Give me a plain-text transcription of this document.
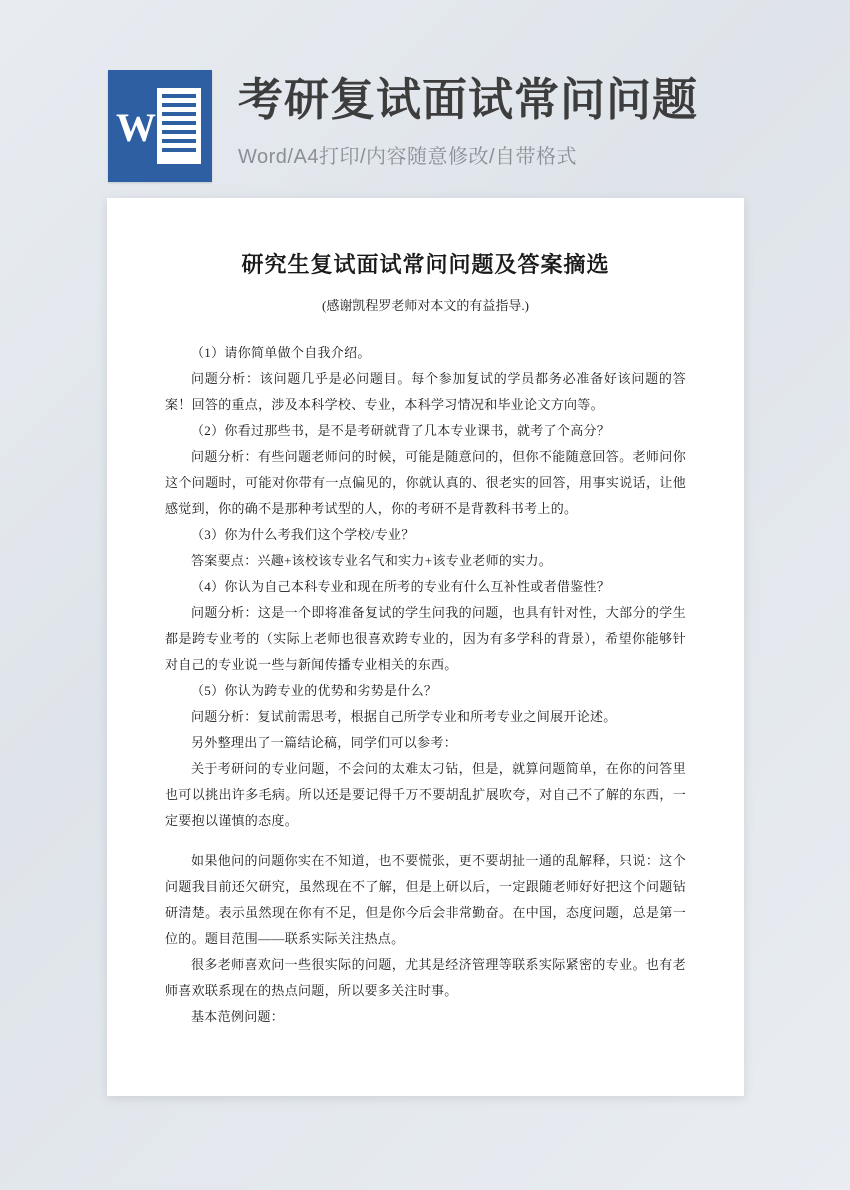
W
考研复试面试常问问题
Word/A4打印/内容随意修改/自带格式
研究生复试面试常问问题及答案摘选
(感谢凯程罗老师对本文的有益指导.)

（1）请你简单做个自我介绍。

问题分析：该问题几乎是必问题目。每个参加复试的学员都务必准备好该问题的答案！回答的重点，涉及本科学校、专业，本科学习情况和毕业论文方向等。

（2）你看过那些书，是不是考研就背了几本专业课书，就考了个高分？

问题分析：有些问题老师问的时候，可能是随意问的，但你不能随意回答。老师问你这个问题时，可能对你带有一点偏见的，你就认真的、很老实的回答，用事实说话，让他感觉到，你的确不是那种考试型的人，你的考研不是背教科书考上的。

（3）你为什么考我们这个学校/专业？

答案要点：兴趣+该校该专业名气和实力+该专业老师的实力。

（4）你认为自己本科专业和现在所考的专业有什么互补性或者借鉴性？

问题分析：这是一个即将准备复试的学生问我的问题，也具有针对性，大部分的学生都是跨专业考的（实际上老师也很喜欢跨专业的，因为有多学科的背景），希望你能够针对自己的专业说一些与新闻传播专业相关的东西。

（5）你认为跨专业的优势和劣势是什么？

问题分析：复试前需思考，根据自己所学专业和所考专业之间展开论述。

另外整理出了一篇结论稿，同学们可以参考：

关于考研问的专业问题，不会问的太难太刁钻，但是，就算问题简单，在你的问答里也可以挑出许多毛病。所以还是要记得千万不要胡乱扩展吹夸，对自己不了解的东西，一定要抱以谨慎的态度。

如果他问的问题你实在不知道，也不要慌张，更不要胡扯一通的乱解释，只说：这个问题我目前还欠研究，虽然现在不了解，但是上研以后，一定跟随老师好好把这个问题钻研清楚。表示虽然现在你有不足，但是你今后会非常勤奋。在中国，态度问题，总是第一位的。题目范围——联系实际关注热点。

很多老师喜欢问一些很实际的问题，尤其是经济管理等联系实际紧密的专业。也有老师喜欢联系现在的热点问题，所以要多关注时事。

基本范例问题：
